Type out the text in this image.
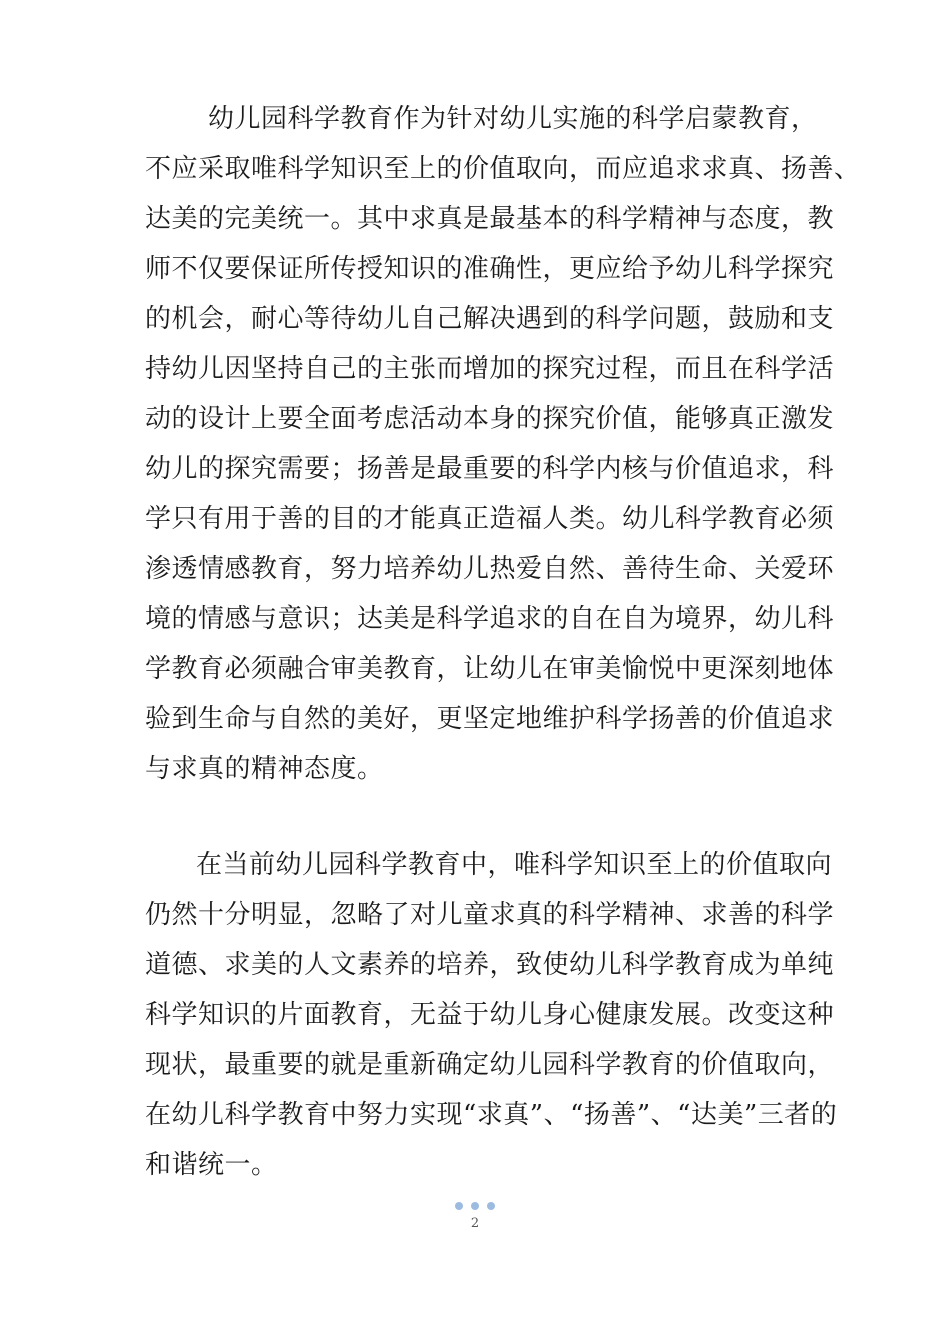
幼儿园科学教育作为针对幼儿实施的科学启蒙教育，
不应采取唯科学知识至上的价值取向，而应追求求真、扬善、
达美的完美统一。其中求真是最基本的科学精神与态度，教
师不仅要保证所传授知识的准确性，更应给予幼儿科学探究
的机会，耐心等待幼儿自己解决遇到的科学问题，鼓励和支
持幼儿因坚持自己的主张而增加的探究过程，而且在科学活
动的设计上要全面考虑活动本身的探究价值，能够真正激发
幼儿的探究需要；扬善是最重要的科学内核与价值追求，科
学只有用于善的目的才能真正造福人类。幼儿科学教育必须
渗透情感教育，努力培养幼儿热爱自然、善待生命、关爱环
境的情感与意识；达美是科学追求的自在自为境界，幼儿科
学教育必须融合审美教育，让幼儿在审美愉悦中更深刻地体
验到生命与自然的美好，更坚定地维护科学扬善的价值追求
与求真的精神态度。
在当前幼儿园科学教育中，唯科学知识至上的价值取向
仍然十分明显，忽略了对儿童求真的科学精神、求善的科学
道德、求美的人文素养的培养，致使幼儿科学教育成为单纯
科学知识的片面教育，无益于幼儿身心健康发展。改变这种
现状，最重要的就是重新确定幼儿园科学教育的价值取向，
在幼儿科学教育中努力实现“求真”、“扬善”、“达美”三者的
和谐统一。
2
